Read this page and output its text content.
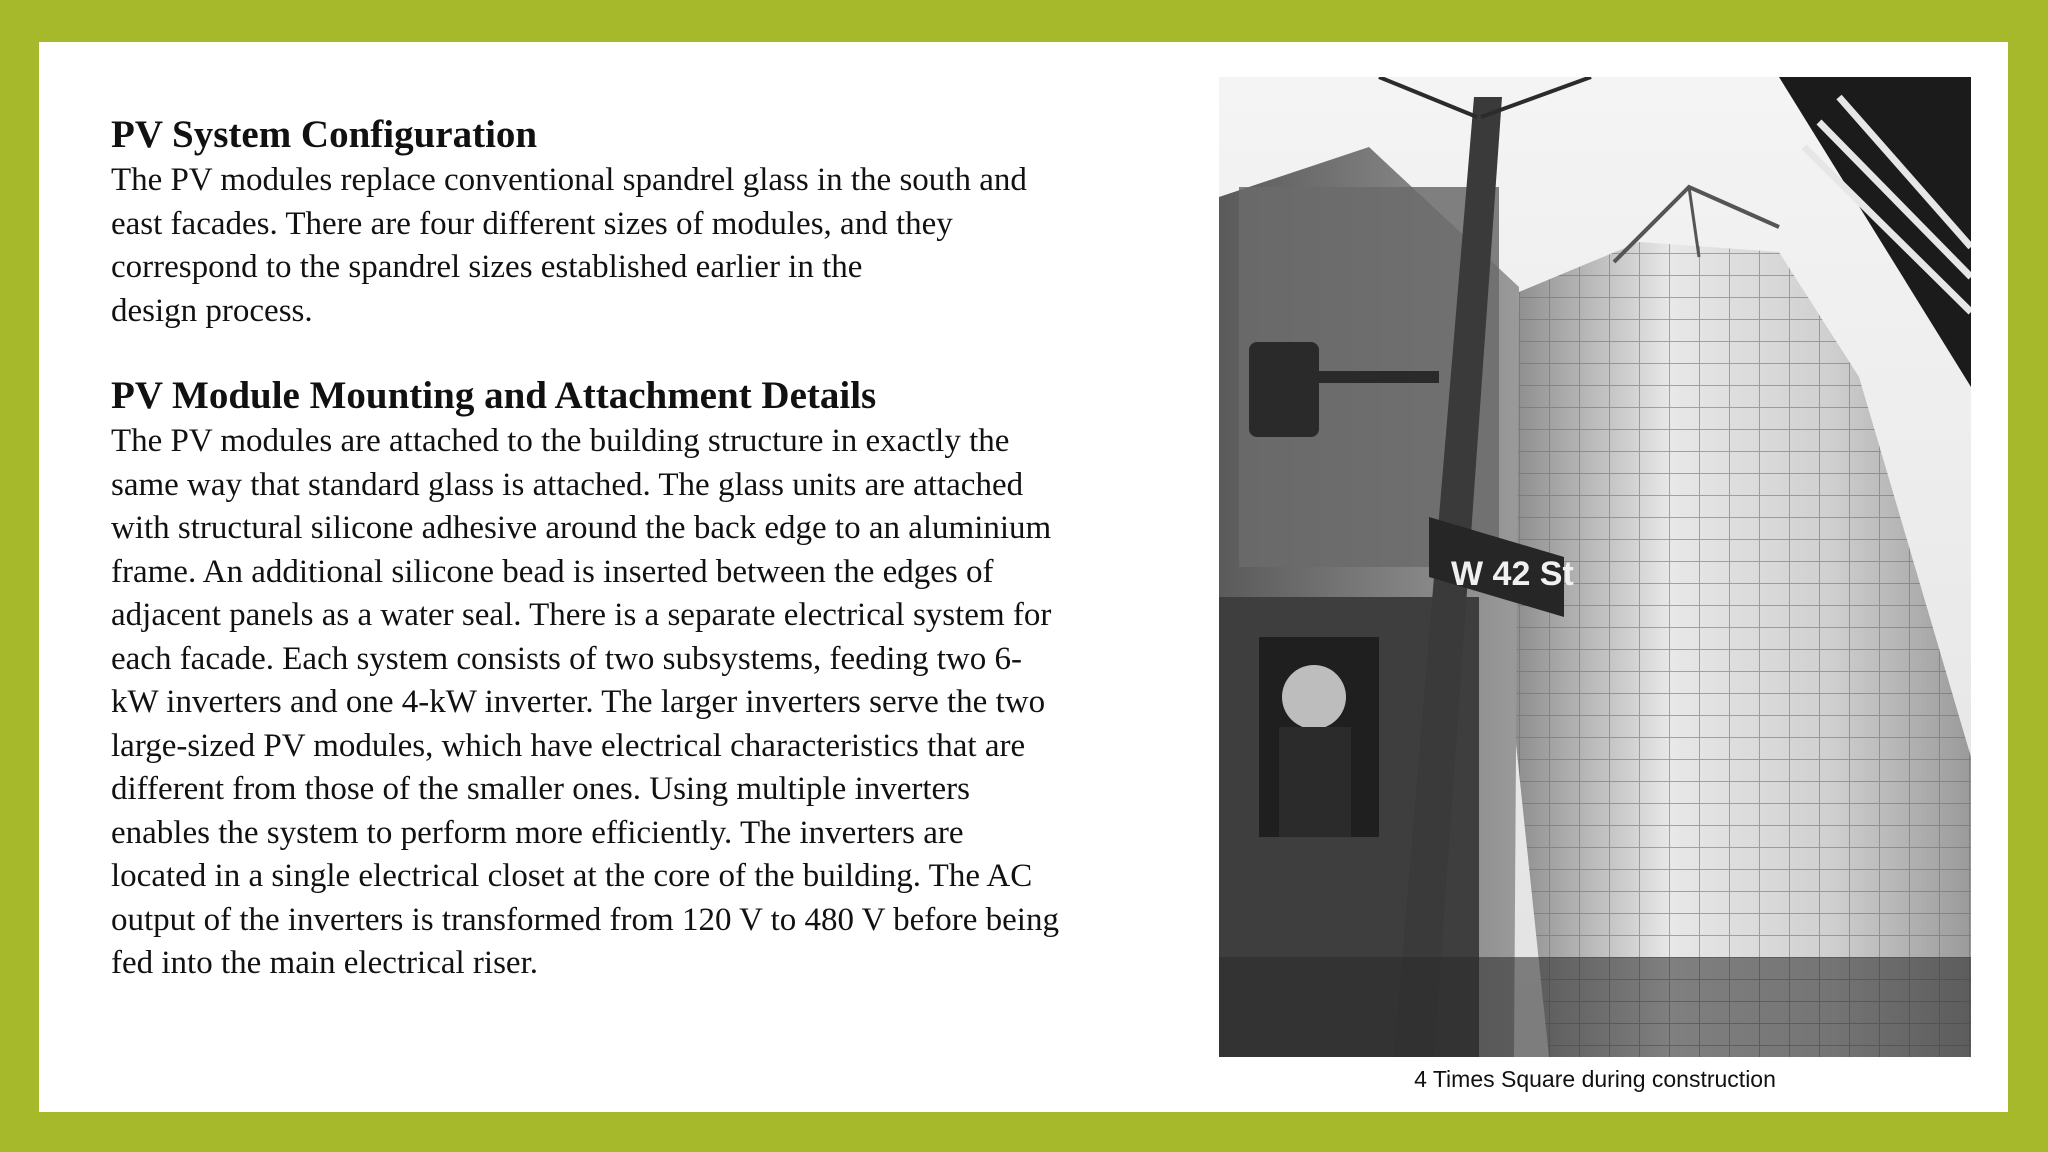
PV System Configuration
The PV modules replace conventional spandrel glass in the south and
east facades. There are four different sizes of modules, and they
correspond to the spandrel sizes established earlier in the
design process.
PV Module Mounting and Attachment Details
The PV modules are attached to the building structure in exactly the
same way that standard glass is attached. The glass units are attached
with structural silicone adhesive around the back edge to an aluminium
frame. An additional silicone bead is inserted between the edges of
adjacent panels as a water seal. There is a separate electrical system for
each facade. Each system consists of two subsystems, feeding two 6-
kW inverters and one 4-kW inverter. The larger inverters serve the two
large-sized PV modules, which have electrical characteristics that are
different from those of the smaller ones. Using multiple inverters
enables the system to perform more efficiently. The inverters are
located in a single electrical closet at the core of the building. The AC
output of the inverters is transformed from 120 V to 480 V before being
fed into the main electrical riser.
W 42 St
4 Times Square during construction
